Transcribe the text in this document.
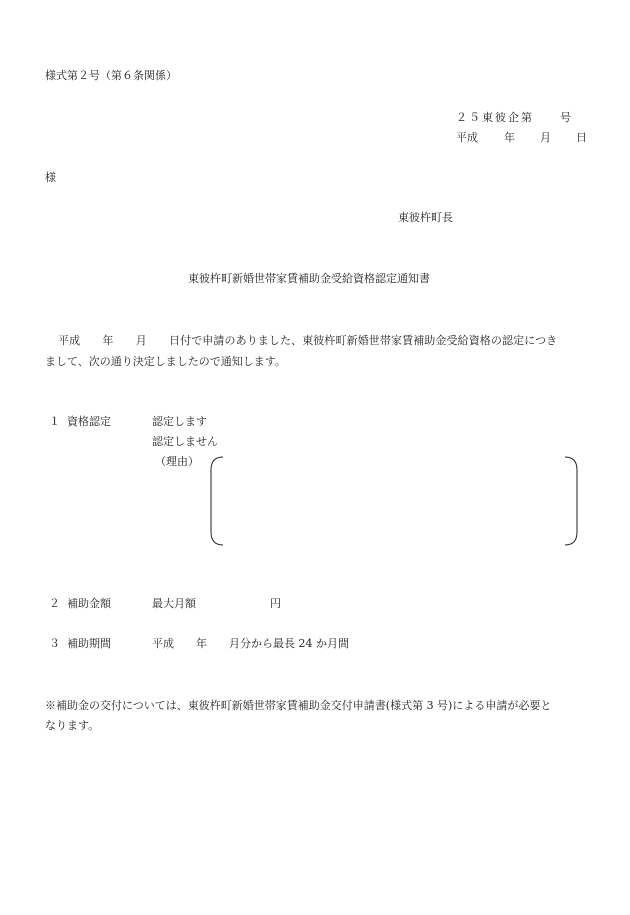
様式第２号（第６条関係）
２５東彼企第　　号
平成 年 月 日
様
東彼杵町長
東彼杵町新婚世帯家賃補助金受給資格認定通知書
平成　　年　　月　　日付で申請のありました、東彼杵町新婚世帯家賃補助金受給資格の認定につき
まして、次の通り決定しましたので通知します。
１ 資格認定	認定します
認定しません
（理由）
２ 補助金額	最大月額	円
３ 補助期間	平成　　年　　月分から最長 24 か月間
※補助金の交付については、東彼杵町新婚世帯家賃補助金交付申請書(様式第 3 号)による申請が必要と
なります。
